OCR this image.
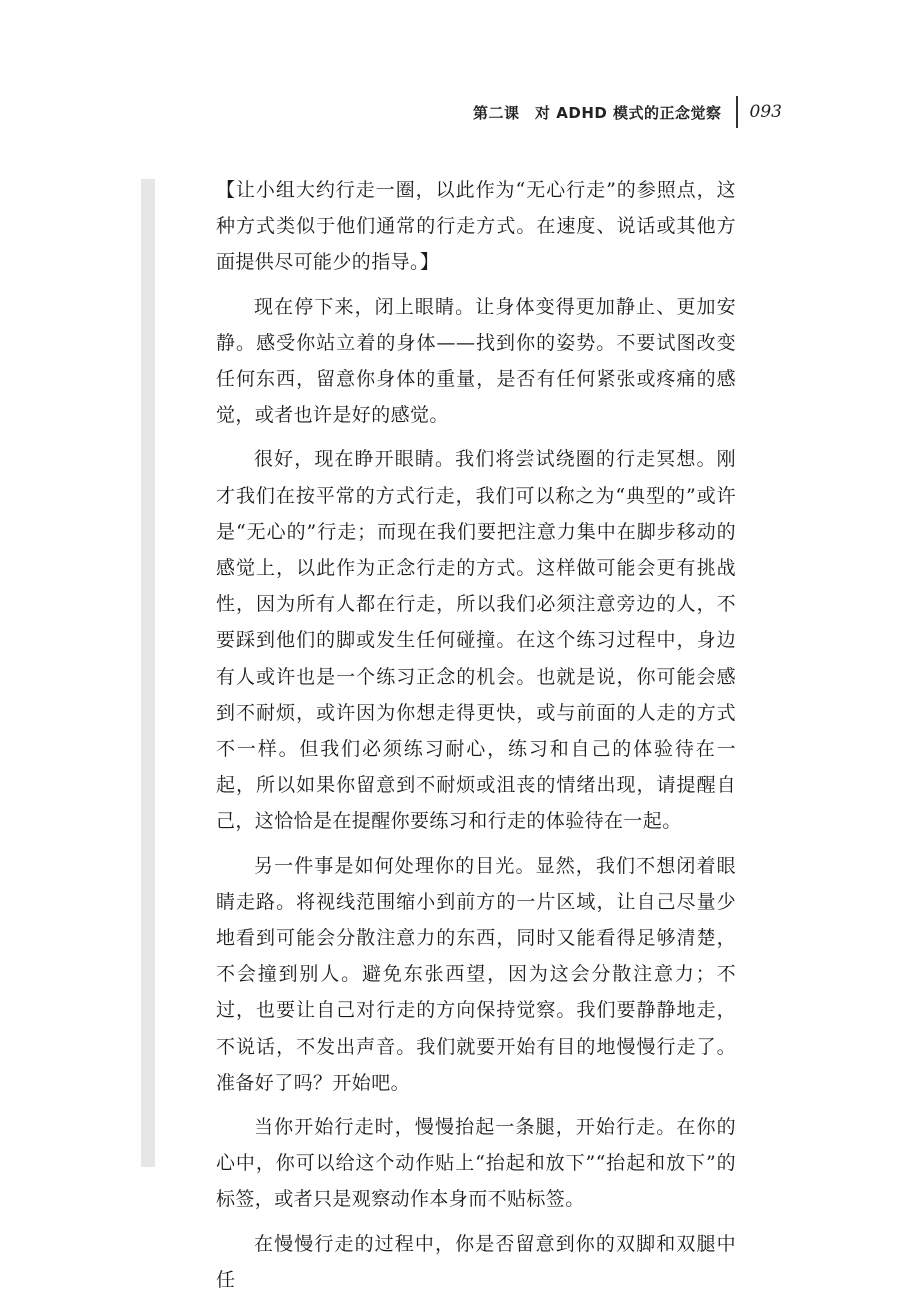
第二课　对 ADHD 模式的正念觉察 093

【让小组大约行走一圈，以此作为“无心行走”的参照点，这种方式类似于他们通常的行走方式。在速度、说话或其他方面提供尽可能少的指导。】

现在停下来，闭上眼睛。让身体变得更加静止、更加安静。感受你站立着的身体——找到你的姿势。不要试图改变任何东西，留意你身体的重量，是否有任何紧张或疼痛的感觉，或者也许是好的感觉。

很好，现在睁开眼睛。我们将尝试绕圈的行走冥想。刚才我们在按平常的方式行走，我们可以称之为“典型的”或许是“无心的”行走；而现在我们要把注意力集中在脚步移动的感觉上，以此作为正念行走的方式。这样做可能会更有挑战性，因为所有人都在行走，所以我们必须注意旁边的人，不要踩到他们的脚或发生任何碰撞。在这个练习过程中，身边有人或许也是一个练习正念的机会。也就是说，你可能会感到不耐烦，或许因为你想走得更快，或与前面的人走的方式不一样。但我们必须练习耐心，练习和自己的体验待在一起，所以如果你留意到不耐烦或沮丧的情绪出现，请提醒自己，这恰恰是在提醒你要练习和行走的体验待在一起。

另一件事是如何处理你的目光。显然，我们不想闭着眼睛走路。将视线范围缩小到前方的一片区域，让自己尽量少地看到可能会分散注意力的东西，同时又能看得足够清楚，不会撞到别人。避免东张西望，因为这会分散注意力；不过，也要让自己对行走的方向保持觉察。我们要静静地走，不说话，不发出声音。我们就要开始有目的地慢慢行走了。准备好了吗？开始吧。

当你开始行走时，慢慢抬起一条腿，开始行走。在你的心中，你可以给这个动作贴上“抬起和放下”“抬起和放下”的标签，或者只是观察动作本身而不贴标签。

在慢慢行走的过程中，你是否留意到你的双脚和双腿中任
